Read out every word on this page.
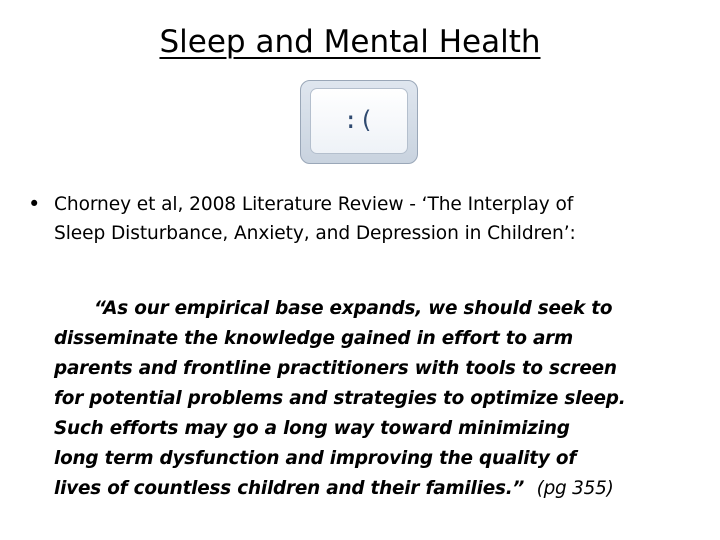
Sleep and Mental Health
:(
• Chorney et al, 2008 Literature Review - ‘The Interplay of
Sleep Disturbance, Anxiety, and Depression in Children’:
“As our empirical base expands, we should seek to
disseminate the knowledge gained in effort to arm
parents and frontline practitioners with tools to screen
for potential problems and strategies to optimize sleep.
Such efforts may go a long way toward minimizing
long term dysfunction and improving the quality of
lives of countless children and their families.” (pg 355)
